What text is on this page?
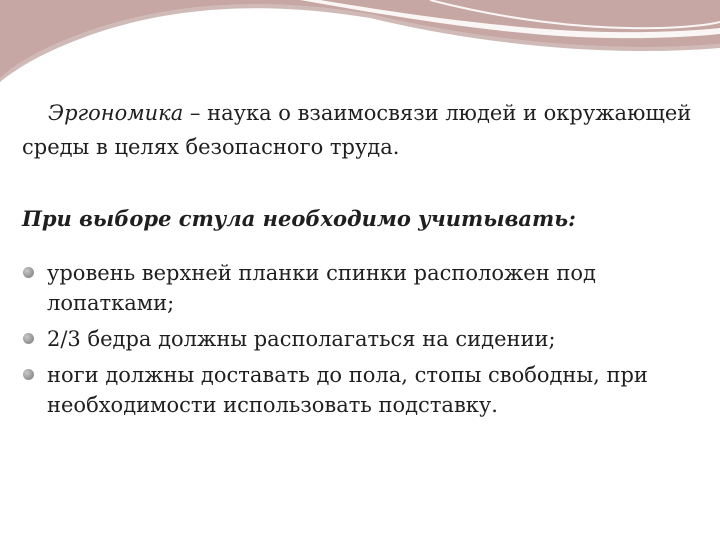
Эргономика – наука о взаимосвязи людей и окружающей среды в целях безопасного труда.

При выборе стула необходимо учитывать:
уровень верхней планки спинки расположен под лопатками;
2/3 бедра должны располагаться на сидении;
ноги должны доставать до пола, стопы свободны, при необходимости использовать подставку.
